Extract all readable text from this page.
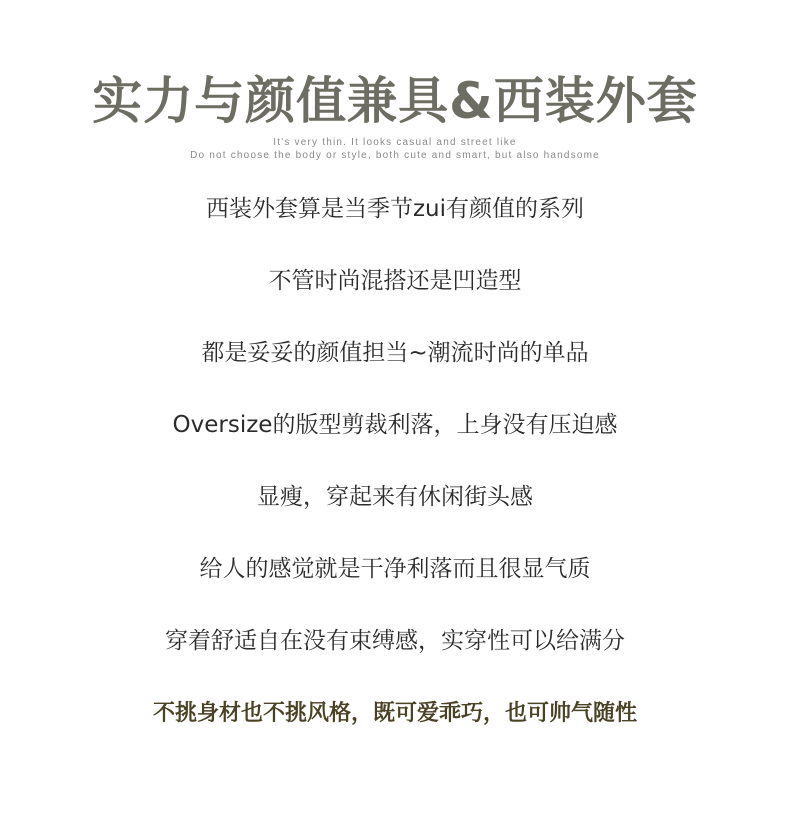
实力与颜值兼具&西装外套

It's very thin. It looks casual and street like

Do not choose the body or style, both cute and smart, but also handsome

西装外套算是当季节zui有颜值的系列

不管时尚混搭还是凹造型

都是妥妥的颜值担当~潮流时尚的单品

Oversize的版型剪裁利落，上身没有压迫感

显瘦，穿起来有休闲街头感

给人的感觉就是干净利落而且很显气质

穿着舒适自在没有束缚感，实穿性可以给满分

不挑身材也不挑风格，既可爱乖巧，也可帅气随性
